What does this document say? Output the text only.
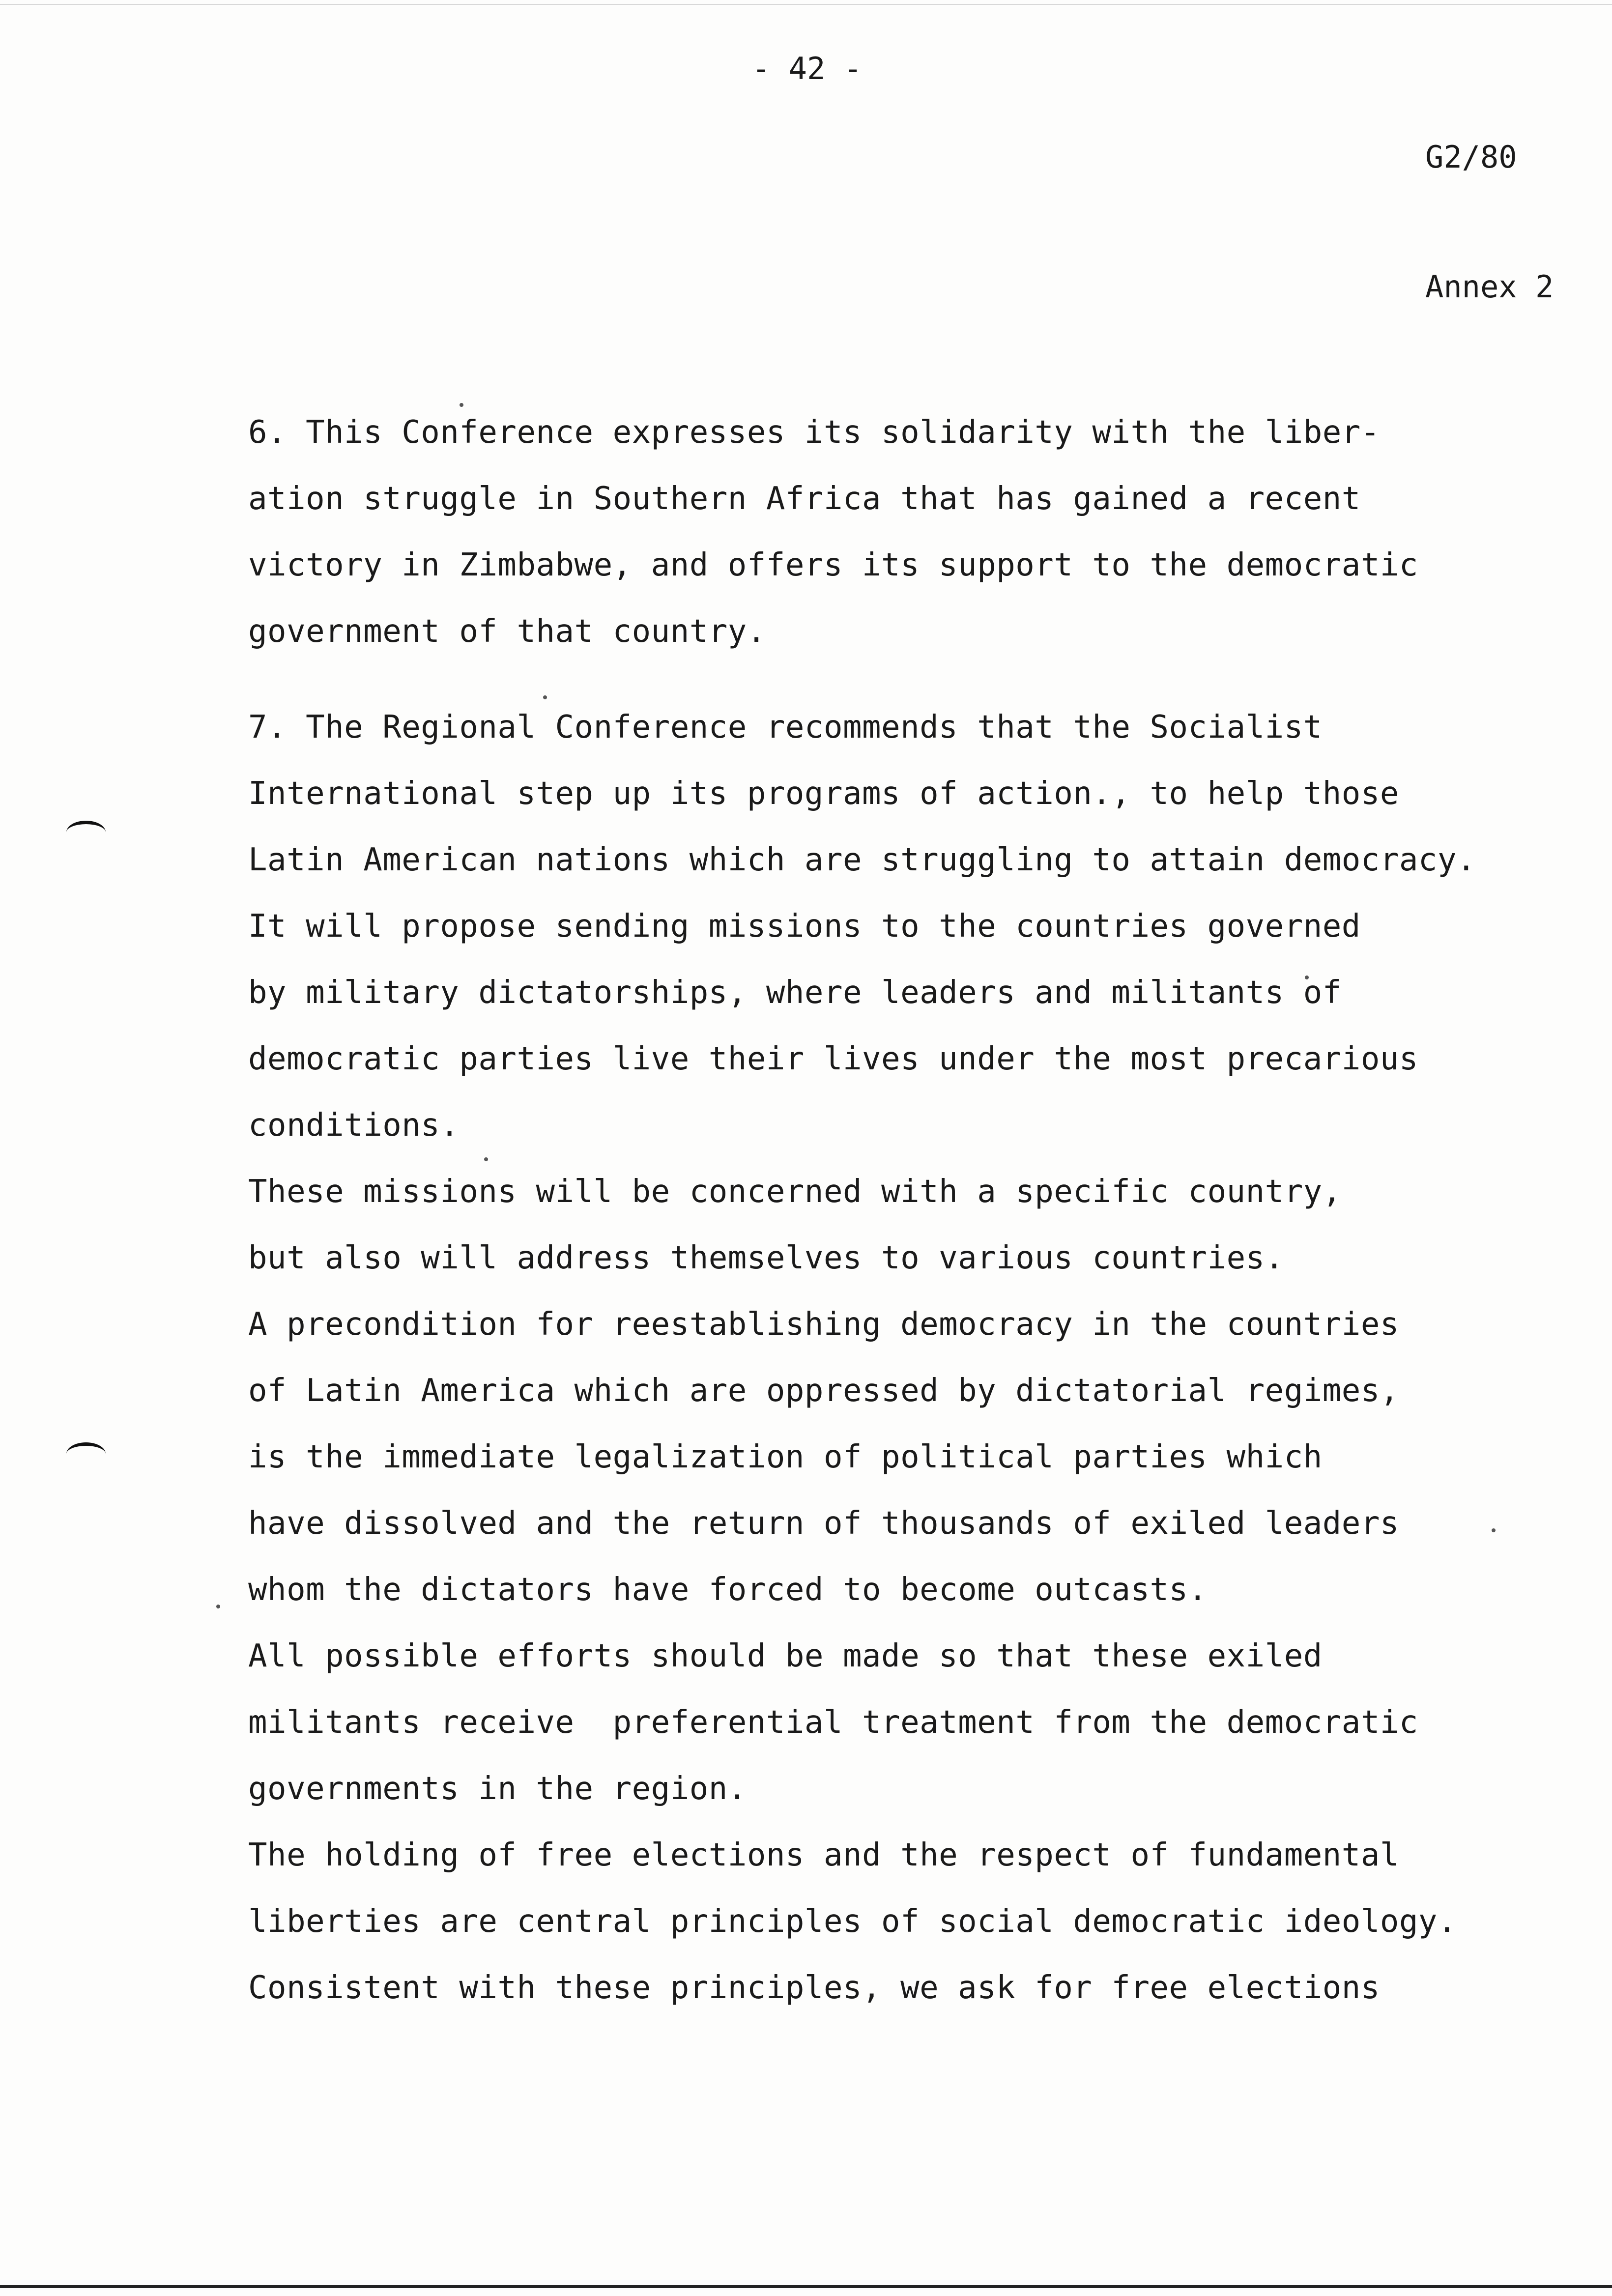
- 42 -

G2/80

Annex 2

6. This Conference expresses its solidarity with the liber-
ation struggle in Southern Africa that has gained a recent
victory in Zimbabwe, and offers its support to the democratic
government of that country.
7. The Regional Conference recommends that the Socialist
International step up its programs of action., to help those
Latin American nations which are struggling to attain democracy.
It will propose sending missions to the countries governed
by military dictatorships, where leaders and militants of
democratic parties live their lives under the most precarious
conditions.
These missions will be concerned with a specific country,
but also will address themselves to various countries.
A precondition for reestablishing democracy in the countries
of Latin America which are oppressed by dictatorial regimes,
is the immediate legalization of political parties which
have dissolved and the return of thousands of exiled leaders
whom the dictators have forced to become outcasts.
All possible efforts should be made so that these exiled
militants receive  preferential treatment from the democratic
governments in the region.
The holding of free elections and the respect of fundamental
liberties are central principles of social democratic ideology.
Consistent with these principles, we ask for free elections
